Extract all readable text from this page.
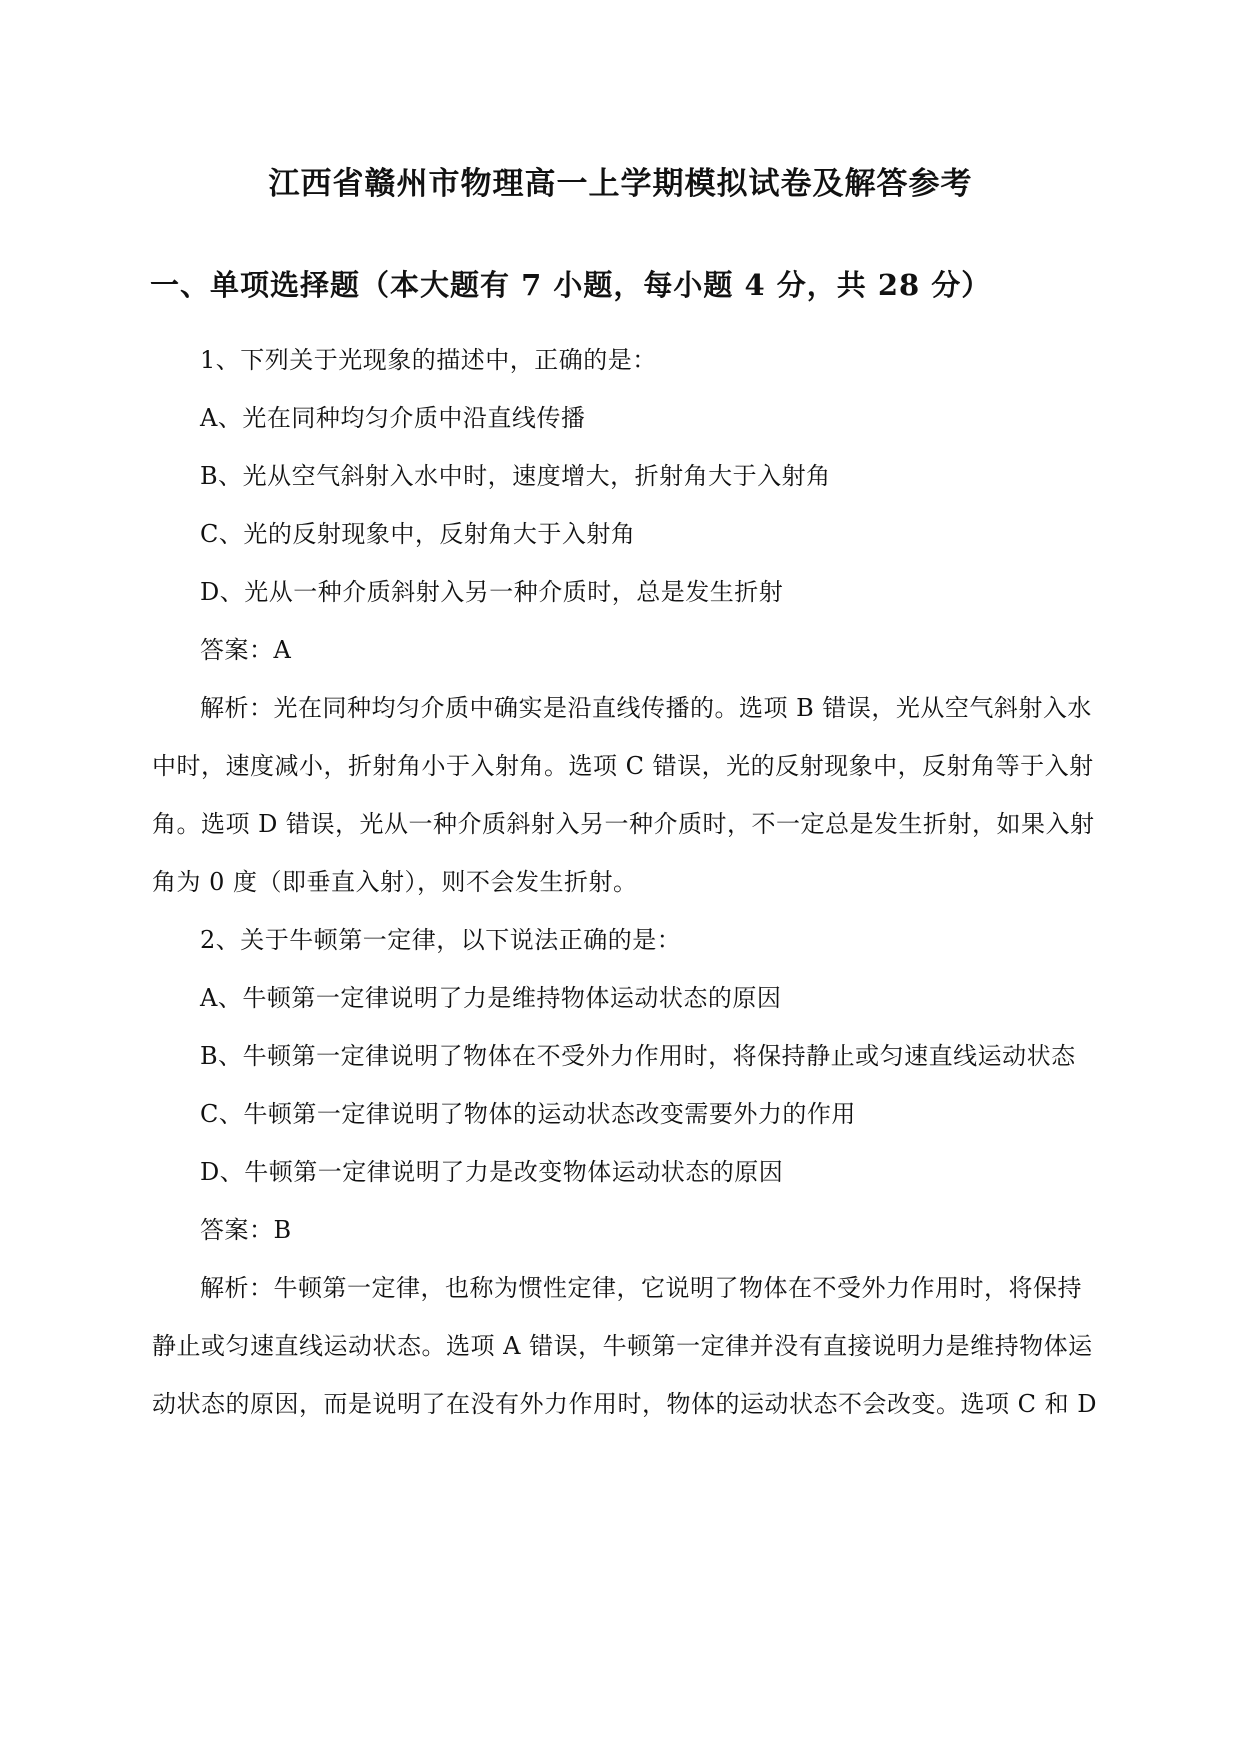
江西省赣州市物理高一上学期模拟试卷及解答参考
一、单项选择题（本大题有 7 小题，每小题 4 分，共 28 分）
1、下列关于光现象的描述中，正确的是：
A、光在同种均匀介质中沿直线传播
B、光从空气斜射入水中时，速度增大，折射角大于入射角
C、光的反射现象中，反射角大于入射角
D、光从一种介质斜射入另一种介质时，总是发生折射
答案：A
解析：光在同种均匀介质中确实是沿直线传播的。选项 B 错误，光从空气斜射入水
中时，速度减小，折射角小于入射角。选项 C 错误，光的反射现象中，反射角等于入射
角。选项 D 错误，光从一种介质斜射入另一种介质时，不一定总是发生折射，如果入射
角为 0 度（即垂直入射），则不会发生折射。
2、关于牛顿第一定律，以下说法正确的是：
A、牛顿第一定律说明了力是维持物体运动状态的原因
B、牛顿第一定律说明了物体在不受外力作用时，将保持静止或匀速直线运动状态
C、牛顿第一定律说明了物体的运动状态改变需要外力的作用
D、牛顿第一定律说明了力是改变物体运动状态的原因
答案：B
解析：牛顿第一定律，也称为惯性定律，它说明了物体在不受外力作用时，将保持
静止或匀速直线运动状态。选项 A 错误，牛顿第一定律并没有直接说明力是维持物体运
动状态的原因，而是说明了在没有外力作用时，物体的运动状态不会改变。选项 C 和 D
